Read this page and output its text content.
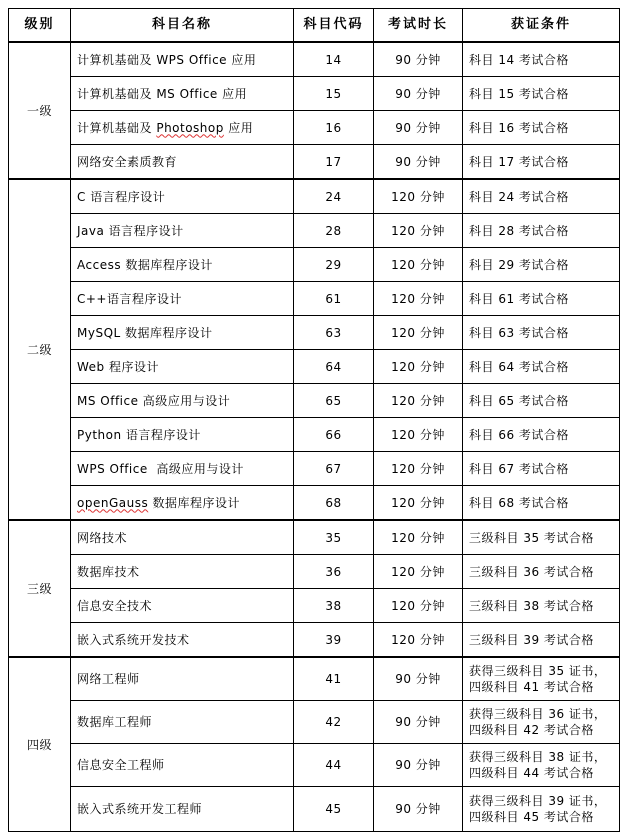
级别	科目名称	科目代码	考试时长	获证条件
一级	计算机基础及 WPS Office 应用	14	90 分钟	科目 14 考试合格
	计算机基础及 MS Office 应用	15	90 分钟	科目 15 考试合格
	计算机基础及 Photoshop 应用	16	90 分钟	科目 16 考试合格
	网络安全素质教育	17	90 分钟	科目 17 考试合格
二级	C 语言程序设计	24	120 分钟	科目 24 考试合格
	Java 语言程序设计	28	120 分钟	科目 28 考试合格
	Access 数据库程序设计	29	120 分钟	科目 29 考试合格
	C++语言程序设计	61	120 分钟	科目 61 考试合格
	MySQL 数据库程序设计	63	120 分钟	科目 63 考试合格
	Web 程序设计	64	120 分钟	科目 64 考试合格
	MS Office 高级应用与设计	65	120 分钟	科目 65 考试合格
	Python 语言程序设计	66	120 分钟	科目 66 考试合格
	WPS Office  高级应用与设计	67	120 分钟	科目 67 考试合格
	openGauss 数据库程序设计	68	120 分钟	科目 68 考试合格
三级	网络技术	35	120 分钟	三级科目 35 考试合格
	数据库技术	36	120 分钟	三级科目 36 考试合格
	信息安全技术	38	120 分钟	三级科目 38 考试合格
	嵌入式系统开发技术	39	120 分钟	三级科目 39 考试合格
四级	网络工程师	41	90 分钟	获得三级科目 35 证书，
四级科目 41 考试合格

	数据库工程师	42	90 分钟	获得三级科目 36 证书，
四级科目 42 考试合格

	信息安全工程师	44	90 分钟	获得三级科目 38 证书，
四级科目 44 考试合格

	嵌入式系统开发工程师	45	90 分钟	获得三级科目 39 证书，
四级科目 45 考试合格
